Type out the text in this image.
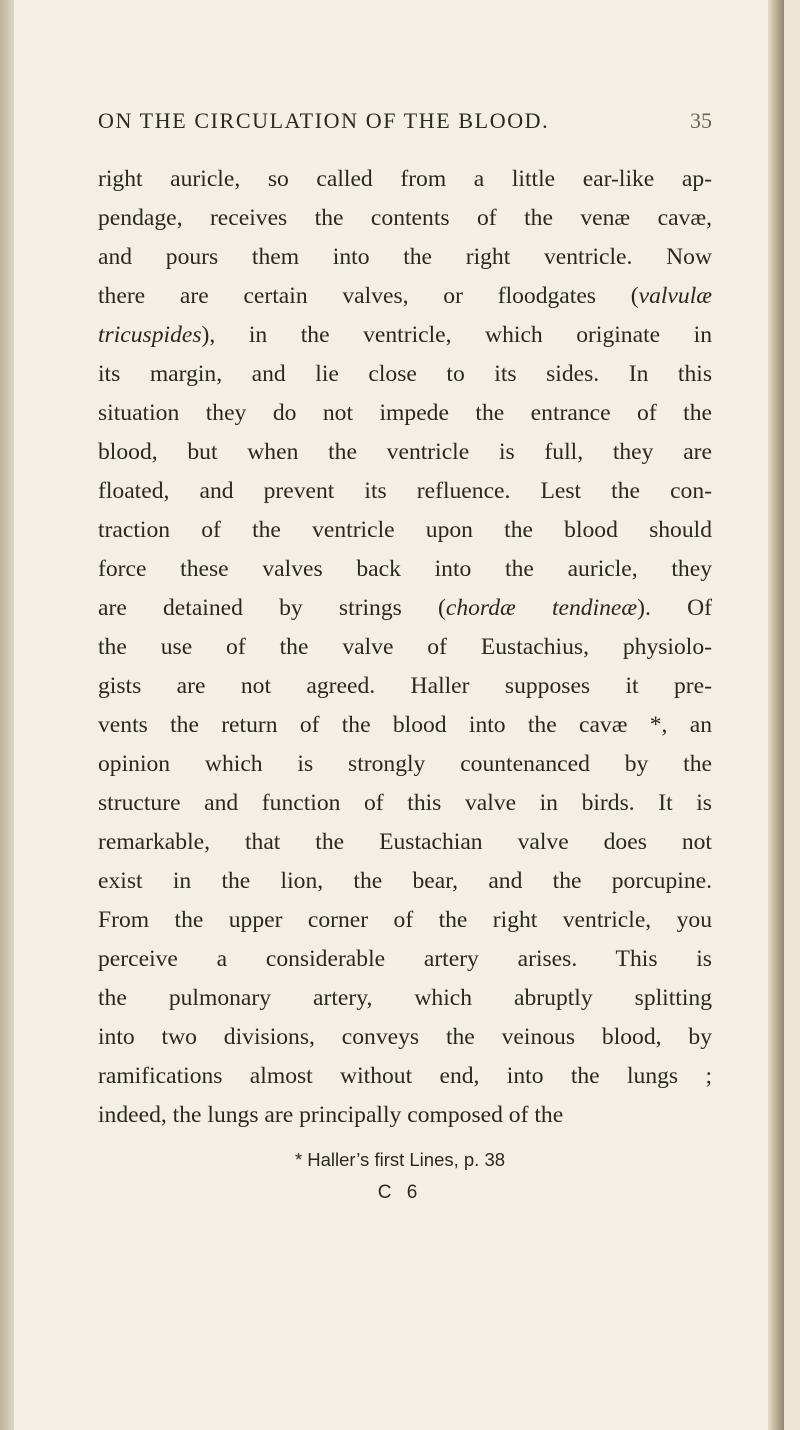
ON THE CIRCULATION OF THE BLOOD.	35
right auricle, so called from a little ear-like ap-
pendage, receives the contents of the venæ cavæ,
and pours them into the right ventricle. Now
there are certain valves, or floodgates (valvulæ
tricuspides), in the ventricle, which originate in
its margin, and lie close to its sides. In this
situation they do not impede the entrance of the
blood, but when the ventricle is full, they are
floated, and prevent its refluence. Lest the con-
traction of the ventricle upon the blood should
force these valves back into the auricle, they
are detained by strings (chordæ tendineæ). Of
the use of the valve of Eustachius, physiolo-
gists are not agreed. Haller supposes it pre-
vents the return of the blood into the cavæ *, an
opinion which is strongly countenanced by the
structure and function of this valve in birds. It is
remarkable, that the Eustachian valve does not
exist in the lion, the bear, and the porcupine.
From the upper corner of the right ventricle, you
perceive a considerable artery arises. This is
the pulmonary artery, which abruptly splitting
into two divisions, conveys the veinous blood, by
ramifications almost without end, into the lungs ;
indeed, the lungs are principally composed of the
* Haller’s first Lines, p. 38
C 6
